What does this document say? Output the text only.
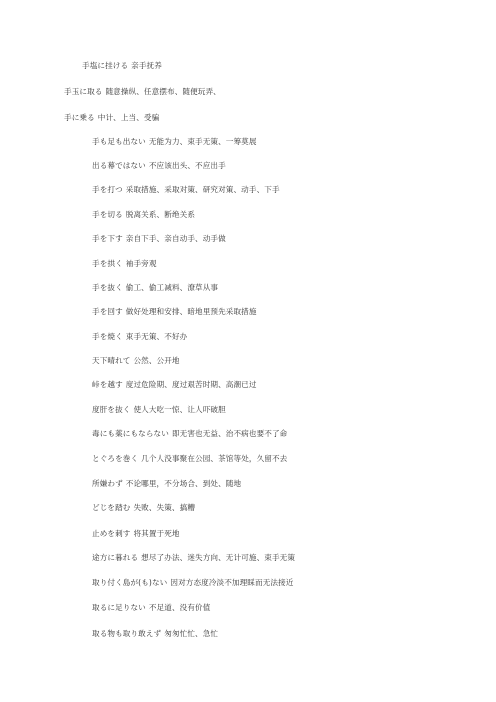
手塩に挂ける 亲手抚养
手玉に取る 随意操纵、任意摆布、随便玩弄、
手に乗る 中计、上当、受骗
手も足も出ない 无能为力、束手无策、一筹莫展
出る幕ではない 不应该出头、不应出手
手を打つ 采取措施、采取对策、研究对策、动手、下手
手を切る 脱离关系、断绝关系
手を下す 亲自下手、亲自动手、动手做
手を拱く 袖手旁观
手を抜く 偷工、偷工减料、潦草从事
手を回す 做好处理和安排、暗地里预先采取措施
手を焼く 束手无策、不好办
天下晴れて 公然、公开地
峠を越す 度过危险期、度过艰苦时期、高潮已过
度肝を抜く 使人大吃一惊、让人吓破胆
毒にも薬にもならない 即无害也无益、治不病也要不了命
とぐろを巻く 几个人没事聚在公园、茶馆等处，久留不去
所嫌わず 不论哪里，不分场合、到处、随地
どじを踏む 失败、失策、搞糟
止めを刺す 将其置于死地
途方に暮れる 想尽了办法、迷失方向、无计可施、束手无策
取り付く島が(も)ない 因对方态度冷淡不加理睬而无法接近
取るに足りない 不足道、没有价值
取る物も取り敢えず 匆匆忙忙、急忙
